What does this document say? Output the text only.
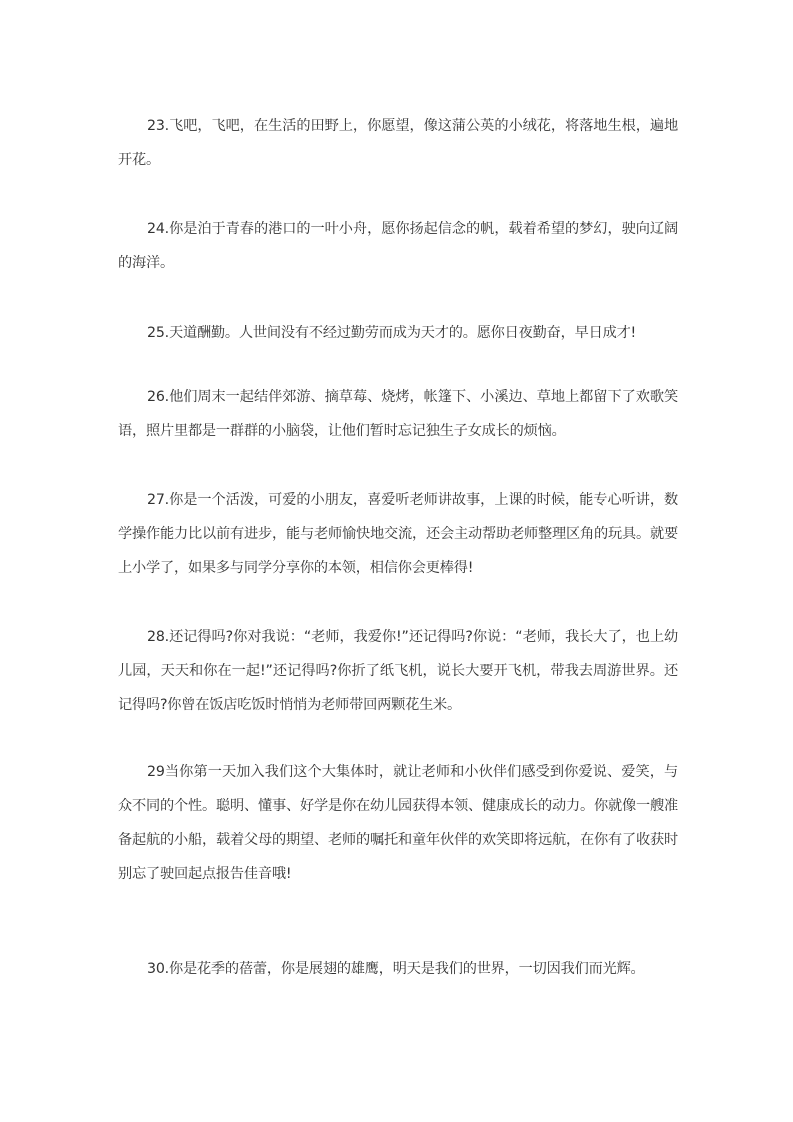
23.飞吧，飞吧，在生活的田野上，你愿望，像这蒲公英的小绒花，将落地生根，遍地开花。

24.你是泊于青春的港口的一叶小舟，愿你扬起信念的帆，载着希望的梦幻，驶向辽阔的海洋。

25.天道酬勤。人世间没有不经过勤劳而成为天才的。愿你日夜勤奋，早日成才!

26.他们周末一起结伴郊游、摘草莓、烧烤，帐篷下、小溪边、草地上都留下了欢歌笑语，照片里都是一群群的小脑袋，让他们暂时忘记独生子女成长的烦恼。

27.你是一个活泼，可爱的小朋友，喜爱听老师讲故事，上课的时候，能专心听讲，数学操作能力比以前有进步，能与老师愉快地交流，还会主动帮助老师整理区角的玩具。就要上小学了，如果多与同学分享你的本领，相信你会更棒得!

28.还记得吗?你对我说：“老师，我爱你!”还记得吗?你说：“老师，我长大了，也上幼儿园，天天和你在一起!”还记得吗?你折了纸飞机，说长大要开飞机，带我去周游世界。还记得吗?你曾在饭店吃饭时悄悄为老师带回两颗花生米。

29当你第一天加入我们这个大集体时，就让老师和小伙伴们感受到你爱说、爱笑，与众不同的个性。聪明、懂事、好学是你在幼儿园获得本领、健康成长的动力。你就像一艘准备起航的小船，载着父母的期望、老师的嘱托和童年伙伴的欢笑即将远航，在你有了收获时别忘了驶回起点报告佳音哦!

30.你是花季的蓓蕾，你是展翅的雄鹰，明天是我们的世界，一切因我们而光辉。
